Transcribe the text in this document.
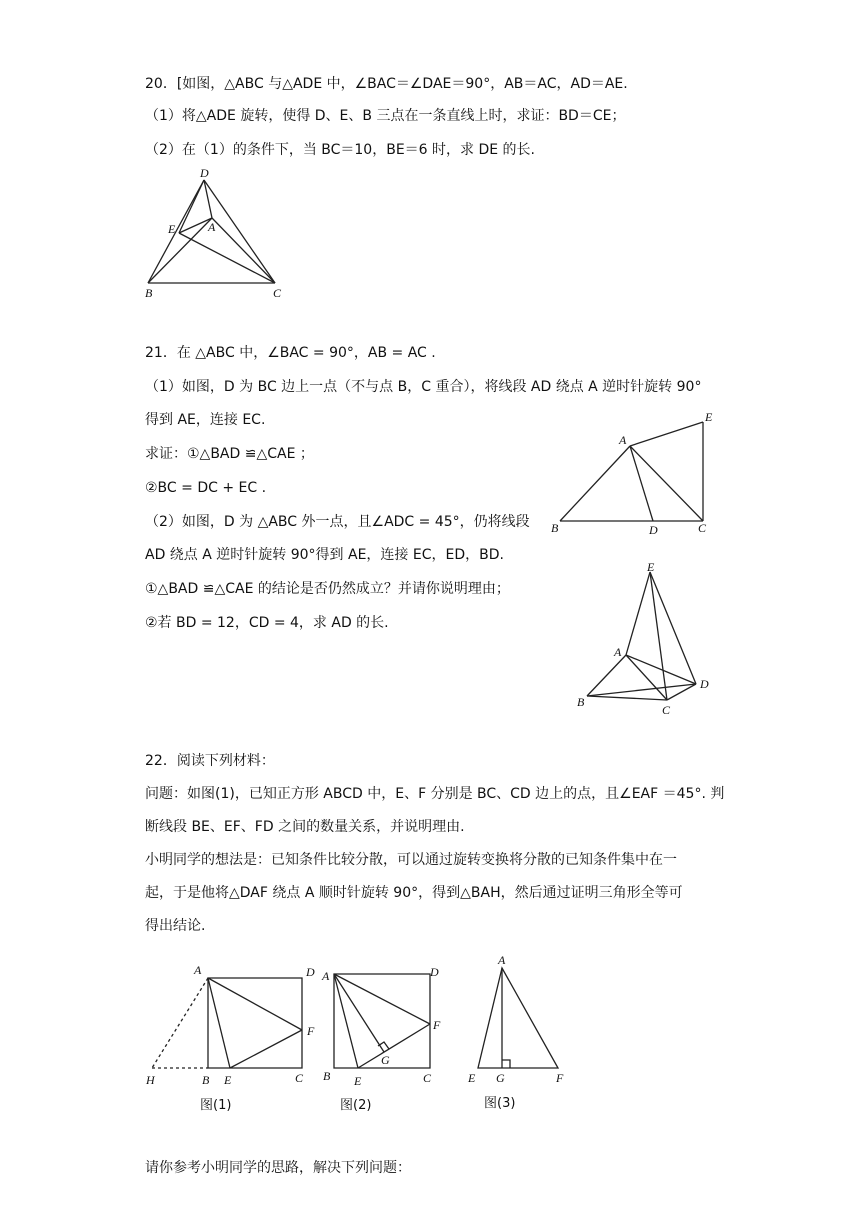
20．[如图，△ABC 与△ADE 中，∠BAC＝∠DAE＝90°，AB＝AC，AD＝AE.
（1）将△ADE 旋转，使得 D、E、B 三点在一条直线上时，求证：BD＝CE；
（2）在（1）的条件下，当 BC＝10，BE＝6 时，求 DE 的长.
D
E	A
B	C
21．在 △ABC 中，∠BAC = 90°，AB = AC .
（1）如图，D 为 BC 边上一点（不与点 B，C 重合），将线段 AD 绕点 A 逆时针旋转 90°
得到 AE，连接 EC.
求证：①△BAD ≌△CAE ；
②BC = DC + EC .
（2）如图，D 为 △ABC 外一点，且∠ADC = 45°，仍将线段
AD 绕点 A 逆时针旋转 90°得到 AE，连接 EC，ED，BD.
①△BAD ≌△CAE 的结论是否仍然成立？并请你说明理由；
②若 BD = 12，CD = 4，求 AD 的长.
A
E
B	D	C
E
A
D
B
C
22．阅读下列材料：
问题：如图(1)，已知正方形 ABCD 中，E、F 分别是 BC、CD 边上的点，且∠EAF ＝45°. 判
断线段 BE、EF、FD 之间的数量关系，并说明理由.
小明同学的想法是：已知条件比较分散，可以通过旋转变换将分散的已知条件集中在一
起，于是他将△DAF 绕点 A 顺时针旋转 90°，得到△BAH，然后通过证明三角形全等可
得出结论.
A	D
F
H	B E	C
图(1)
A	D
F
G
B E	C
图(2)
A
E G	F
图(3)
请你参考小明同学的思路，解决下列问题：
